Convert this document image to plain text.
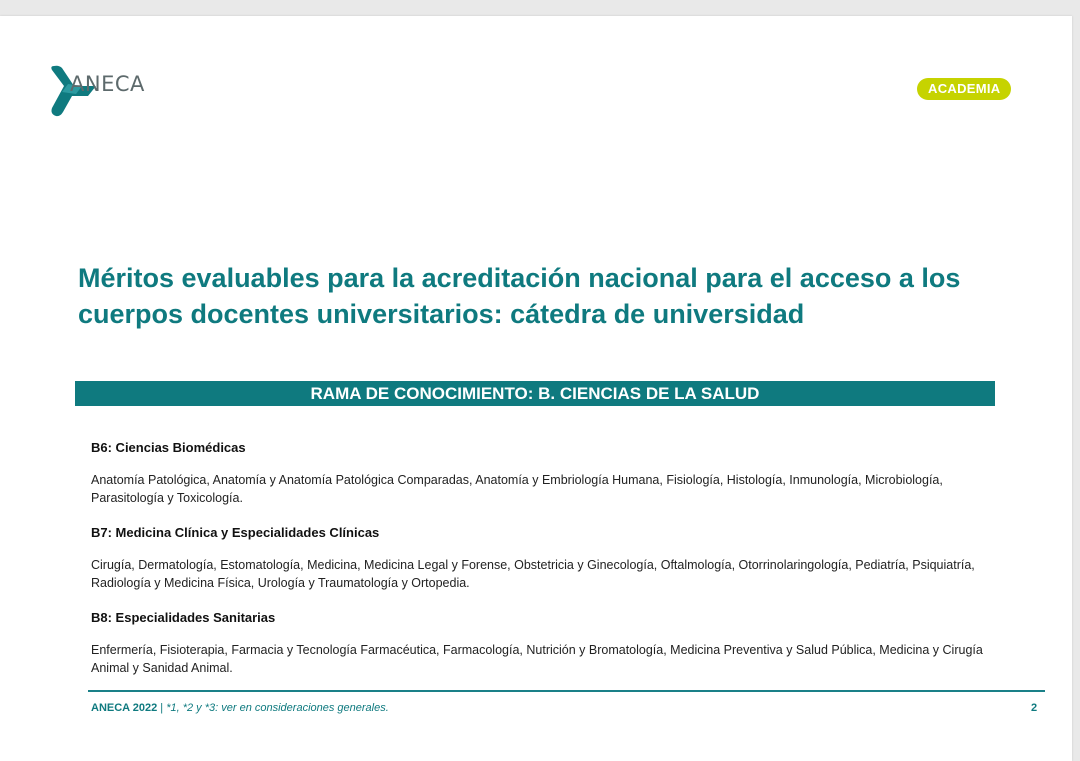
ANECA	ACADEMIA
Méritos evaluables para la acreditación nacional para el acceso a los cuerpos docentes universitarios: cátedra de universidad
RAMA DE CONOCIMIENTO: B. CIENCIAS DE LA SALUD

B6: Ciencias Biomédicas

Anatomía Patológica, Anatomía y Anatomía Patológica Comparadas, Anatomía y Embriología Humana, Fisiología, Histología, Inmunología, Microbiología, Parasitología y Toxicología.

B7: Medicina Clínica y Especialidades Clínicas

Cirugía, Dermatología, Estomatología, Medicina, Medicina Legal y Forense, Obstetricia y Ginecología, Oftalmología, Otorrinolaringología, Pediatría, Psiquiatría, Radiología y Medicina Física, Urología y Traumatología y Ortopedia.

B8: Especialidades Sanitarias

Enfermería, Fisioterapia, Farmacia y Tecnología Farmacéutica, Farmacología, Nutrición y Bromatología, Medicina Preventiva y Salud Pública, Medicina y Cirugía Animal y Sanidad Animal.

ANECA 2022 | *1, *2 y *3: ver en consideraciones generales.	2
